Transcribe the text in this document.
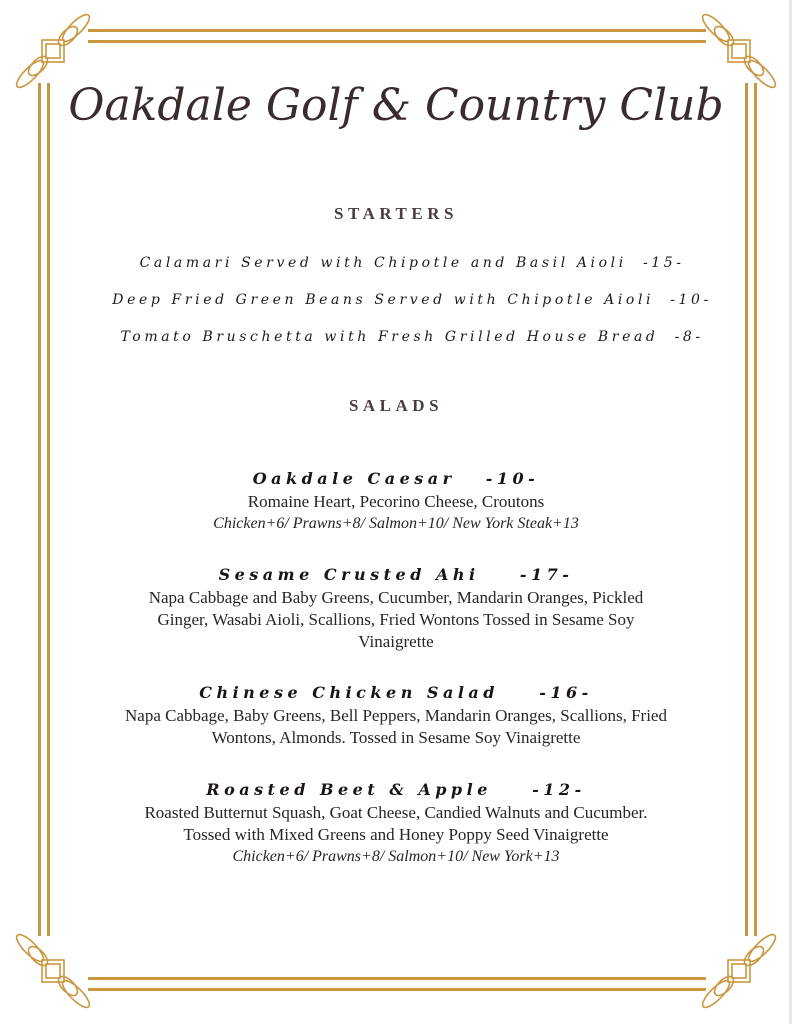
Oakdale Golf & Country Club
STARTERS

Calamari Served with Chipotle and Basil Aioli -15-

Deep Fried Green Beans Served with Chipotle Aioli -10-

Tomato Bruschetta with Fresh Grilled House Bread -8-

SALADS
Oakdale Caesar -10-
Romaine Heart, Pecorino Cheese, Croutons
Chicken+6/ Prawns+8/ Salmon+10/ New York Steak+13
Sesame Crusted Ahi	-17-
Napa Cabbage and Baby Greens, Cucumber, Mandarin Oranges, Pickled
Ginger, Wasabi Aioli, Scallions, Fried Wontons Tossed in Sesame Soy
Vinaigrette
Chinese Chicken Salad	-16-
Napa Cabbage, Baby Greens, Bell Peppers, Mandarin Oranges, Scallions, Fried
Wontons, Almonds. Tossed in Sesame Soy Vinaigrette
Roasted Beet & Apple	-12-
Roasted Butternut Squash, Goat Cheese, Candied Walnuts and Cucumber.
Tossed with Mixed Greens and Honey Poppy Seed Vinaigrette
Chicken+6/ Prawns+8/ Salmon+10/ New York+13
